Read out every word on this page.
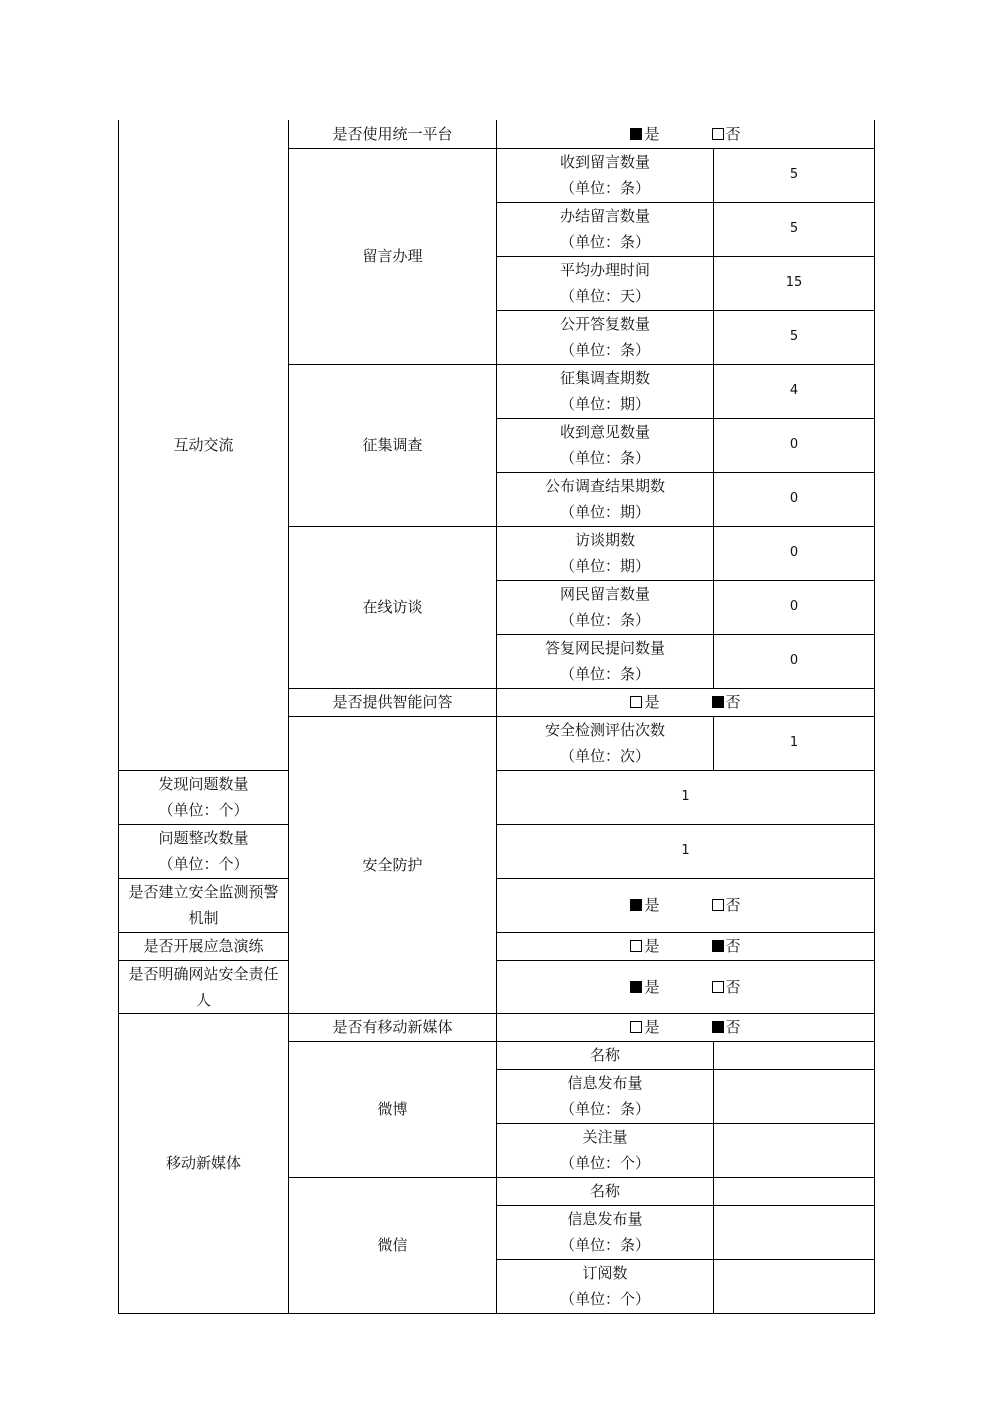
互动交流	是否使用统一平台	是 否	
	留言办理	收到留言数量
（单位：条）	5
		办结留言数量
（单位：条）	5
		平均办理时间
（单位：天）	15
		公开答复数量
（单位：条）	5
	征集调查	征集调查期数
（单位：期）	4
		收到意见数量
（单位：条）	0
		公布调查结果期数
（单位：期）	0
	在线访谈	访谈期数
（单位：期）	0
		网民留言数量
（单位：条）	0
		答复网民提问数量
（单位：条）	0
	是否提供智能问答	是 否	
	安全防护	安全检测评估次数
（单位：次）	1
发现问题数量
（单位：个）		1	
问题整改数量
（单位：个）		1	
是否建立安全监测预警机制		是 否	
是否开展应急演练		是 否	
是否明确网站安全责任人		是 否	
移动新媒体	是否有移动新媒体	是 否	
	微博	名称	
		信息发布量
（单位：条）	

		关注量
（单位：个）	

	微信	名称	
		信息发布量
（单位：条）	

		订阅数
（单位：个）	
